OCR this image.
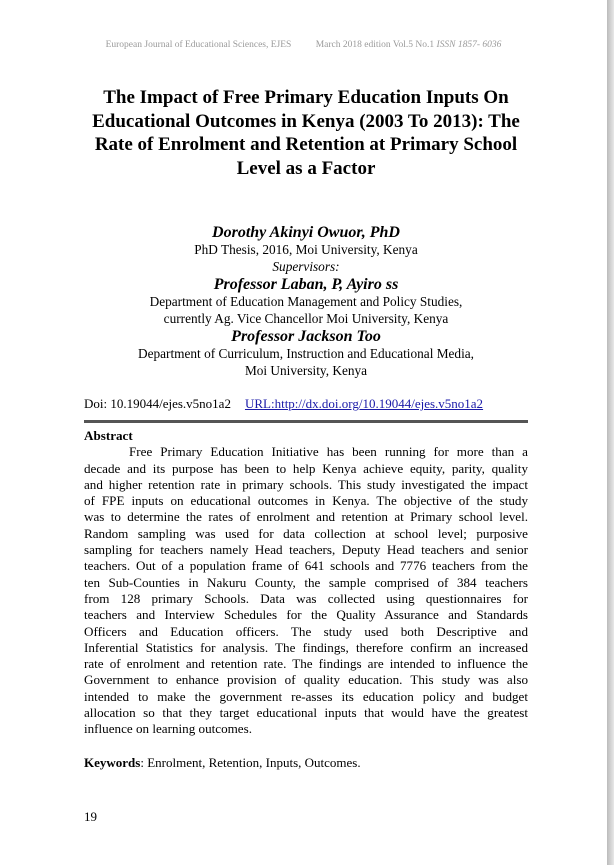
European Journal of Educational Sciences, EJES	March 2018 edition Vol.5 No.1 ISSN 1857- 6036
The Impact of Free Primary Education Inputs On
Educational Outcomes in Kenya (2003 To 2013): The
Rate of Enrolment and Retention at Primary School
Level as a Factor
Dorothy Akinyi Owuor, PhD
PhD Thesis, 2016, Moi University, Kenya
Supervisors:
Professor Laban, P, Ayiro ss
Department of Education Management and Policy Studies,
currently Ag. Vice Chancellor Moi University, Kenya
Professor Jackson Too
Department of Curriculum, Instruction and Educational Media,
Moi University, Kenya
Doi: 10.19044/ejes.v5no1a2 URL:http://dx.doi.org/10.19044/ejes.v5no1a2
Abstract
Free Primary Education Initiative has been running for more than a
decade and its purpose has been to help Kenya achieve equity, parity, quality
and higher retention rate in primary schools. This study investigated the impact
of FPE inputs on educational outcomes in Kenya. The objective of the study
was to determine the rates of enrolment and retention at Primary school level.
Random sampling was used for data collection at school level; purposive
sampling for teachers namely Head teachers, Deputy Head teachers and senior
teachers. Out of a population frame of 641 schools and 7776 teachers from the
ten Sub-Counties in Nakuru County, the sample comprised of 384 teachers
from 128 primary Schools. Data was collected using questionnaires for
teachers and Interview Schedules for the Quality Assurance and Standards
Officers and Education officers. The study used both Descriptive and
Inferential Statistics for analysis. The findings, therefore confirm an increased
rate of enrolment and retention rate. The findings are intended to influence the
Government to enhance provision of quality education. This study was also
intended to make the government re-asses its education policy and budget
allocation so that they target educational inputs that would have the greatest
influence on learning outcomes.
Keywords: Enrolment, Retention, Inputs, Outcomes.
19
